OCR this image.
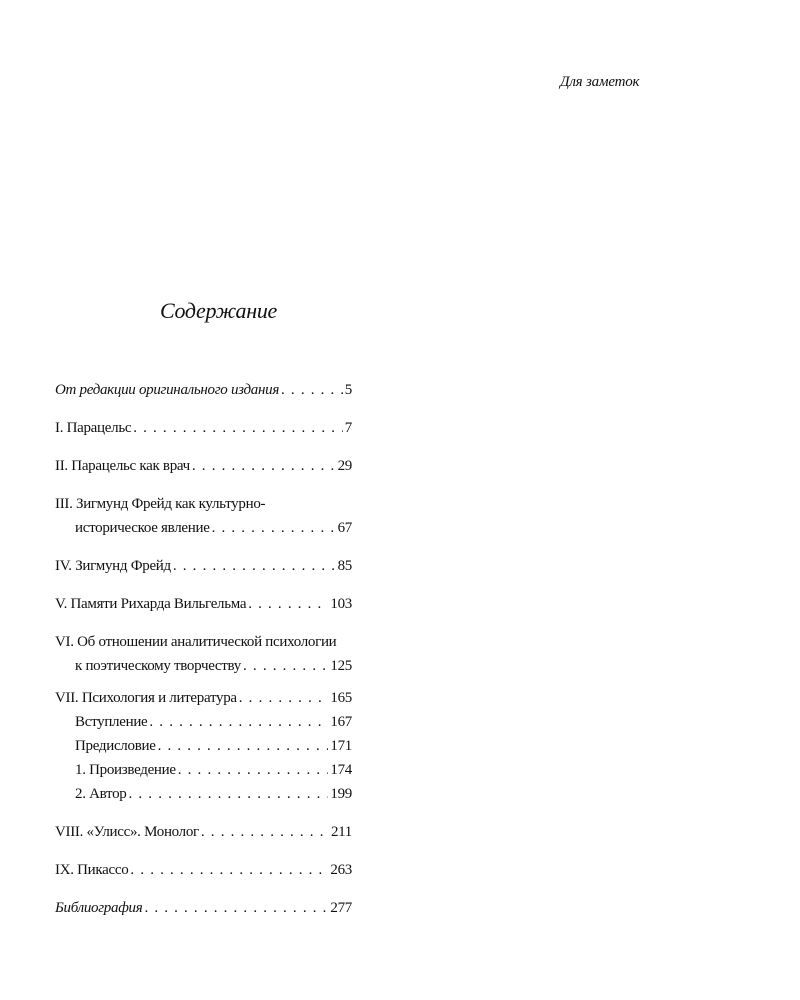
Для заметок
Содержание
От редакции оригинального издания . . .	5
I. Парацельс . . .	7
II. Парацельс как врач . . .	29
III. Зигмунд Фрейд как культурно-
историческое явление . . .	67
IV. Зигмунд Фрейд . . .	85
V. Памяти Рихарда Вильгельма . . .	103
VI. Об отношении аналитической психологии
к поэтическому творчеству . . .	125
VII. Психология и литература . . .	165
Вступление . . .	167
Предисловие . . .	171
1. Произведение . . .	174
2. Автор . . .	199
VIII. «Улисс». Монолог . . .	211
IX. Пикассо . . .	263
Библиография . . .	277
